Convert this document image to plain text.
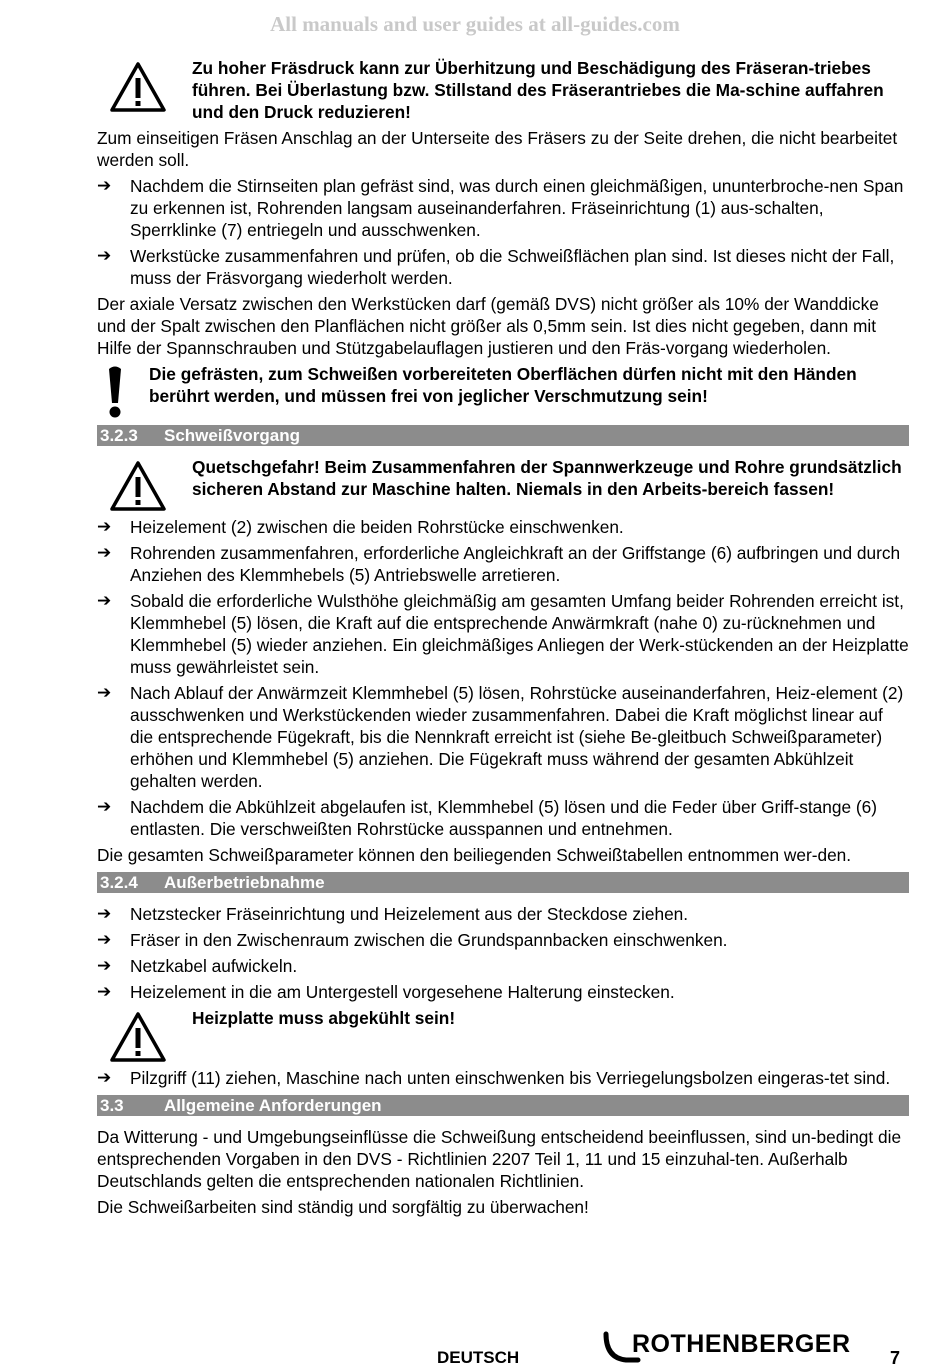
All manuals and user guides at all-guides.com
Zu hoher Fräsdruck kann zur Überhitzung und Beschädigung des Fräseran-triebes führen. Bei Überlastung bzw. Stillstand des Fräserantriebes die Ma-schine auffahren und den Druck reduzieren!

Zum einseitigen Fräsen Anschlag an der Unterseite des Fräsers zu der Seite drehen, die nicht bearbeitet werden soll.

➔	Nachdem die Stirnseiten plan gefräst sind, was durch einen gleichmäßigen, ununterbroche-nen Span zu erkennen ist, Rohrenden langsam auseinanderfahren. Fräseinrichtung (1) aus-schalten, Sperrklinke (7) entriegeln und ausschwenken.
➔	Werkstücke zusammenfahren und prüfen, ob die Schweißflächen plan sind. Ist dieses nicht der Fall, muss der Fräsvorgang wiederholt werden.

Der axiale Versatz zwischen den Werkstücken darf (gemäß DVS) nicht größer als 10% der Wanddicke und der Spalt zwischen den Planflächen nicht größer als 0,5mm sein. Ist dies nicht gegeben, dann mit Hilfe der Spannschrauben und Stützgabelauflagen justieren und den Fräs-vorgang wiederholen.

Die gefrästen, zum Schweißen vorbereiteten Oberflächen dürfen nicht mit den Händen berührt werden, und müssen frei von jeglicher Verschmutzung sein!
3.2.3	Schweißvorgang
Quetschgefahr! Beim Zusammenfahren der Spannwerkzeuge und Rohre grundsätzlich sicheren Abstand zur Maschine halten. Niemals in den Arbeits-bereich fassen!
➔	Heizelement (2) zwischen die beiden Rohrstücke einschwenken.
➔	Rohrenden zusammenfahren, erforderliche Angleichkraft an der Griffstange (6) aufbringen und durch Anziehen des Klemmhebels (5) Antriebswelle arretieren.
➔	Sobald die erforderliche Wulsthöhe gleichmäßig am gesamten Umfang beider Rohrenden erreicht ist, Klemmhebel (5) lösen, die Kraft auf die entsprechende Anwärmkraft (nahe 0) zu-rücknehmen und Klemmhebel (5) wieder anziehen. Ein gleichmäßiges Anliegen der Werk-stückenden an der Heizplatte muss gewährleistet sein.
➔	Nach Ablauf der Anwärmzeit Klemmhebel (5) lösen, Rohrstücke auseinanderfahren, Heiz-element (2) ausschwenken und Werkstückenden wieder zusammenfahren. Dabei die Kraft möglichst linear auf die entsprechende Fügekraft, bis die Nennkraft erreicht ist (siehe Be-gleitbuch Schweißparameter) erhöhen und Klemmhebel (5) anziehen. Die Fügekraft muss während der gesamten Abkühlzeit gehalten werden.
➔	Nachdem die Abkühlzeit abgelaufen ist, Klemmhebel (5) lösen und die Feder über Griff-stange (6) entlasten. Die verschweißten Rohrstücke ausspannen und entnehmen.

Die gesamten Schweißparameter können den beiliegenden Schweißtabellen entnommen wer-den.

3.2.4	Außerbetriebnahme
➔	Netzstecker Fräseinrichtung und Heizelement aus der Steckdose ziehen.
➔	Fräser in den Zwischenraum zwischen die Grundspannbacken einschwenken.
➔	Netzkabel aufwickeln.
➔	Heizelement in die am Untergestell vorgesehene Halterung einstecken.
Heizplatte muss abgekühlt sein!
➔	Pilzgriff (11) ziehen, Maschine nach unten einschwenken bis Verriegelungsbolzen eingeras-tet sind.
3.3	Allgemeine Anforderungen

Da Witterung - und Umgebungseinflüsse die Schweißung entscheidend beeinflussen, sind un-bedingt die entsprechenden Vorgaben in den DVS - Richtlinien 2207 Teil 1, 11 und 15 einzuhal-ten. Außerhalb Deutschlands gelten die entsprechenden nationalen Richtlinien.

Die Schweißarbeiten sind ständig und sorgfältig zu überwachen!

DEUTSCH	ROTHENBERGER 7
